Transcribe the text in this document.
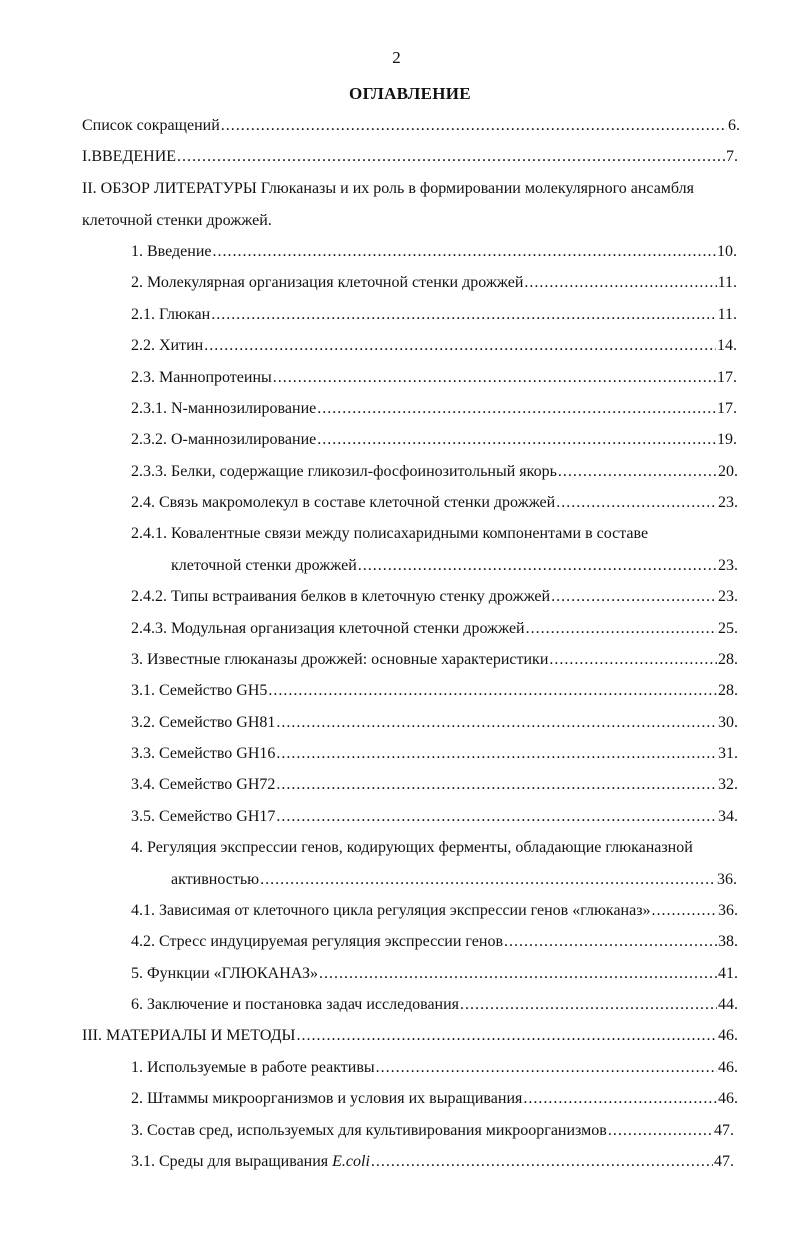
2
ОГЛАВЛЕНИЕ
Список сокращений .....	6.
I.ВВЕДЕНИЕ .....	7.
II. ОБЗОР ЛИТЕРАТУРЫ Глюканазы и их роль в формировании молекулярного ансамбля
клеточной стенки дрожжей.
1. Введение .....	10.
2. Молекулярная организация клеточной стенки дрожжей .....	11.
2.1. Глюкан .....	11.
2.2. Хитин .....	14.
2.3. Маннопротеины .....	17.
2.3.1. N-маннозилирование .....	17.
2.3.2. О-маннозилирование .....	19.
2.3.3. Белки, содержащие гликозил-фосфоинозитольный якорь .....	20.
2.4. Связь макромолекул в составе клеточной стенки дрожжей .....	23.
2.4.1. Ковалентные связи между полисахаридными компонентами в составе
клеточной стенки дрожжей .....	23.
2.4.2. Типы встраивания белков в клеточную стенку дрожжей .....	23.
2.4.3. Модульная организация клеточной стенки дрожжей .....	25.
3. Известные глюканазы дрожжей: основные характеристики .....	28.
3.1. Семейство GH5 .....	28.
3.2. Семейство GH81 .....	30.
3.3. Семейство GH16 .....	31.
3.4. Семейство GH72 .....	32.
3.5. Семейство GH17 .....	34.
4. Регуляция экспрессии генов, кодирующих ферменты, обладающие глюканазной
активностью .....	36.
4.1. Зависимая от клеточного цикла регуляция экспрессии генов «глюканаз» .....	36.
4.2. Стресс индуцируемая регуляция экспрессии генов .....	38.
5. Функции «ГЛЮКАНАЗ» .....	41.
6. Заключение и постановка задач исследования .....	44.
III. МАТЕРИАЛЫ И МЕТОДЫ .....	46.
1. Используемые в работе реактивы .....	46.
2. Штаммы микроорганизмов и условия их выращивания .....	46.
3. Состав сред, используемых для культивирования микроорганизмов .....	47.
3.1. Среды для выращивания E.coli .....	47.
